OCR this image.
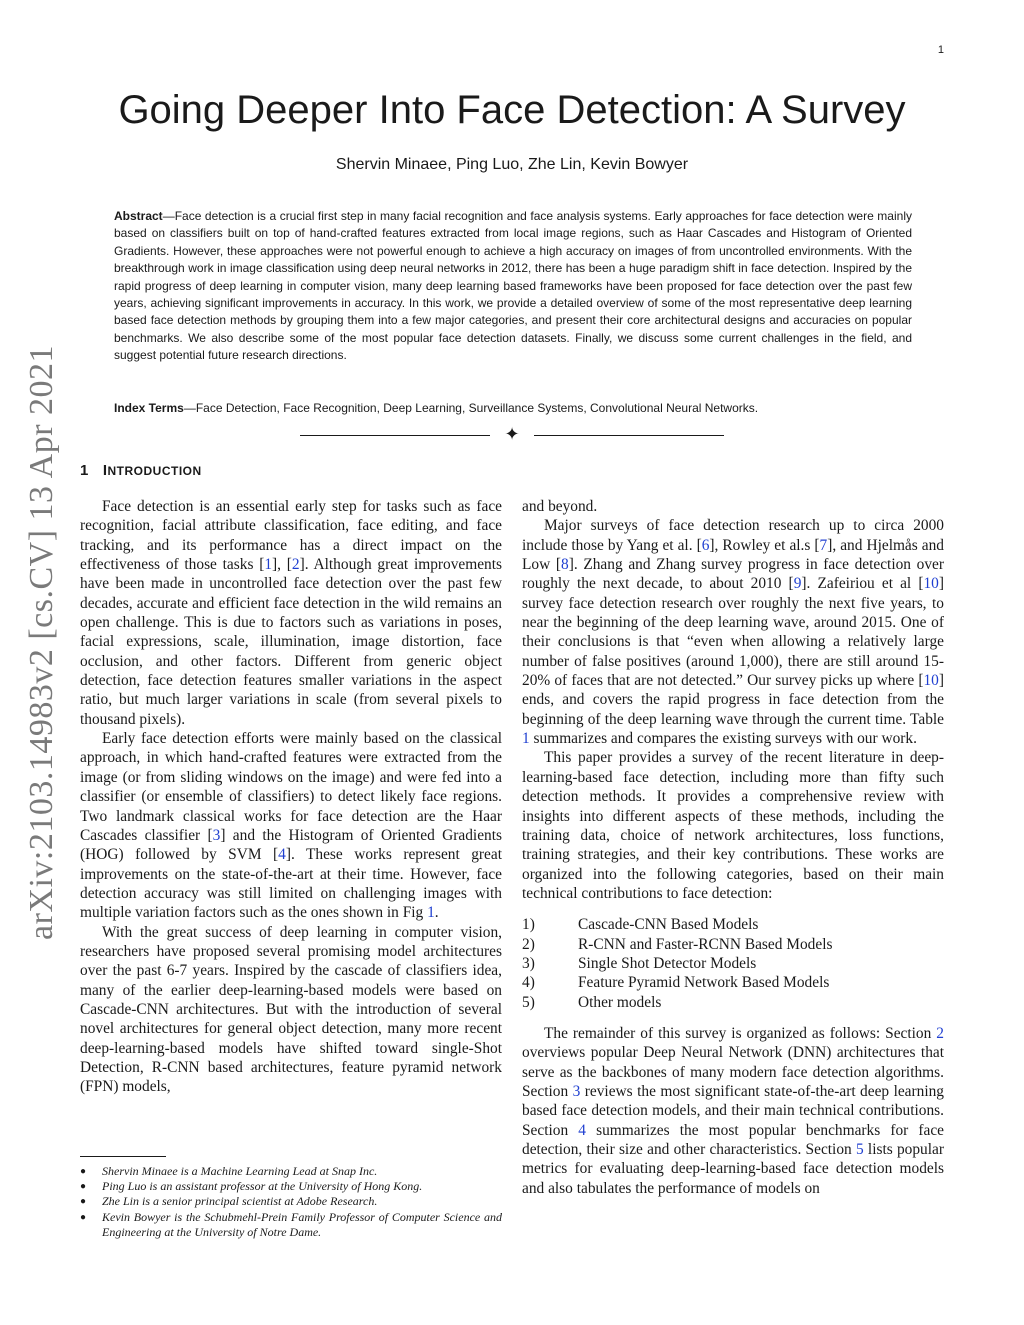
1
arXiv:2103.14983v2 [cs.CV] 13 Apr 2021
Going Deeper Into Face Detection: A Survey
Shervin Minaee, Ping Luo, Zhe Lin, Kevin Bowyer

Abstract—Face detection is a crucial first step in many facial recognition and face analysis systems. Early approaches for face detection were mainly based on classifiers built on top of hand-crafted features extracted from local image regions, such as Haar Cascades and Histogram of Oriented Gradients. However, these approaches were not powerful enough to achieve a high accuracy on images of from uncontrolled environments. With the breakthrough work in image classification using deep neural networks in 2012, there has been a huge paradigm shift in face detection. Inspired by the rapid progress of deep learning in computer vision, many deep learning based frameworks have been proposed for face detection over the past few years, achieving significant improvements in accuracy. In this work, we provide a detailed overview of some of the most representative deep learning based face detection methods by grouping them into a few major categories, and present their core architectural designs and accuracies on popular benchmarks. We also describe some of the most popular face detection datasets. Finally, we discuss some current challenges in the field, and suggest potential future research directions.

Index Terms—Face Detection, Face Recognition, Deep Learning, Surveillance Systems, Convolutional Neural Networks.

✦
1 INTRODUCTION

Face detection is an essential early step for tasks such as face recognition, facial attribute classification, face editing, and face tracking, and its performance has a direct impact on the effectiveness of those tasks [1], [2]. Although great improvements have been made in uncontrolled face detection over the past few decades, accurate and efficient face detection in the wild remains an open challenge. This is due to factors such as variations in poses, facial expressions, scale, illumination, image distortion, face occlusion, and other factors. Different from generic object detection, face detection features smaller variations in the aspect ratio, but much larger variations in scale (from several pixels to thousand pixels).

Early face detection efforts were mainly based on the classical approach, in which hand-crafted features were extracted from the image (or from sliding windows on the image) and were fed into a classifier (or ensemble of classifiers) to detect likely face regions. Two landmark classical works for face detection are the Haar Cascades classifier [3] and the Histogram of Oriented Gradients (HOG) followed by SVM [4]. These works represent great improvements on the state-of-the-art at their time. However, face detection accuracy was still limited on challenging images with multiple variation factors such as the ones shown in Fig 1.

With the great success of deep learning in computer vision, researchers have proposed several promising model architectures over the past 6-7 years. Inspired by the cascade of classifiers idea, many of the earlier deep-learning-based models were based on Cascade-CNN architectures. But with the introduction of several novel architectures for general object detection, many more recent deep-learning-based models have shifted toward single-Shot Detection, R-CNN based architectures, feature pyramid network (FPN) models,

●	Shervin Minaee is a Machine Learning Lead at Snap Inc.
●	Ping Luo is an assistant professor at the University of Hong Kong.
●	Zhe Lin is a senior principal scientist at Adobe Research.
●	Kevin Bowyer is the Schubmehl-Prein Family Professor of Computer Science and Engineering at the University of Notre Dame.

and beyond.

Major surveys of face detection research up to circa 2000 include those by Yang et al. [6], Rowley et al.s [7], and Hjelmås and Low [8]. Zhang and Zhang survey progress in face detection over roughly the next decade, to about 2010 [9]. Zafeiriou et al [10] survey face detection research over roughly the next five years, to near the beginning of the deep learning wave, around 2015. One of their conclusions is that “even when allowing a relatively large number of false positives (around 1,000), there are still around 15-20% of faces that are not detected.” Our survey picks up where [10] ends, and covers the rapid progress in face detection from the beginning of the deep learning wave through the current time. Table 1 summarizes and compares the existing surveys with our work.

This paper provides a survey of the recent literature in deep-learning-based face detection, including more than fifty such detection methods. It provides a comprehensive review with insights into different aspects of these methods, including the training data, choice of network architectures, loss functions, training strategies, and their key contributions. These works are organized into the following categories, based on their main technical contributions to face detection:

1)	Cascade-CNN Based Models
2)	R-CNN and Faster-RCNN Based Models
3)	Single Shot Detector Models
4)	Feature Pyramid Network Based Models
5)	Other models

The remainder of this survey is organized as follows: Section 2 overviews popular Deep Neural Network (DNN) architectures that serve as the backbones of many modern face detection algorithms. Section 3 reviews the most significant state-of-the-art deep learning based face detection models, and their main technical contributions. Section 4 summarizes the most popular benchmarks for face detection, their size and other characteristics. Section 5 lists popular metrics for evaluating deep-learning-based face detection models and also tabulates the performance of models on
